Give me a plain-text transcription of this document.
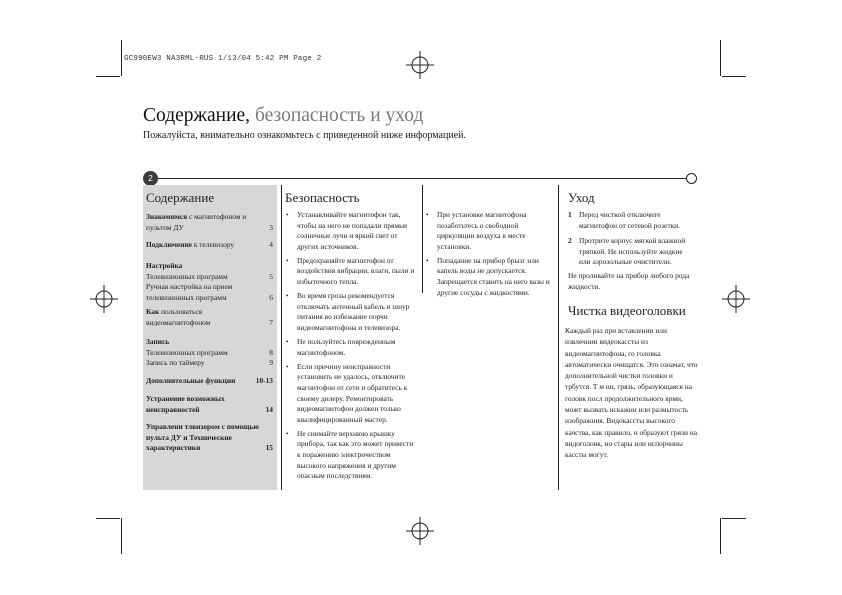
GC990EW3 NA3RML-RUS 1/13/04 5:42 PM Page 2
Содержание, безопасность и уход
Пожалуйста, внимательно ознакомьтесь с приведенной ниже информацией.
2
Содержание
Знакомимся с магнитофоном и
пультом ДУ	3
Подключение к телевизору	4
Настройка
Телевизионных программ	5
Ручная настройка на прием
телевизионных программ	6
Как пользоваться
видеомагнитофоном	7
Запись
Телевизионных программ	8
Запись по таймеру	9
Дополнительные функции	10-13
Устранение возможных
неисправностей	14
Управлени тлвизором с помощью
пульта ДУ и Технические
характеристики	15
Безопасность
• Устанавливайте магнитофон так, чтобы на него не попадали прямые солнечные лучи и яркий свет от других источников.
• Предохраняйте магнитофон от воздействия вибрации, влаги, пыли и избыточного тепла.
• Во время грозы рекомендуется отключать антенный кабель и шнур питания во избежание порчи видеомагнитофона и телевизора.
• Не пользуйтесь поврежденным магнитофоном.
• Если причину неисправности установить не удалось, отключите магнитофон от сети и обратитесь к своему дилеру. Ремонтировать видеомагнитофон должен только квалифицированный мастер.
• Не снимайте верхнюю крышку прибора, так как это может привести к поражению электричеством высокого напряжения и другим опасным последствиям.
• При установке магнитофона позаботьтесь о свободной циркуляции воздуха в месте установки.
• Попадание на прибор брызг или капель воды не допускается. Запрещается ставить на него вазы и другие сосуды с жидкостями.
Уход
1 Перед чисткой отключите магнитофон от сетевой розетки.
2 Протрите корпус мягкой влажной тряпкой. Не используйте жидкие или аэрозольные очистители.
Не проливайте на прибор любого рода жидкости.
Чистка видеоголовки
Каждый раз при вставлении или извлечнии видеокассты из видеомагнитофона, го головка автоматически очищатся. Это означат, что дополнительной чистки головки и трбутся. Т м ни, грязь, образующаяся на головк посл продолжительного врми, можт вызвать искажни или размытость изображния. Видокассты высокого качства, как правило, н образуют грязи на видоголовк, но стары или испорчнны кассты могут.
